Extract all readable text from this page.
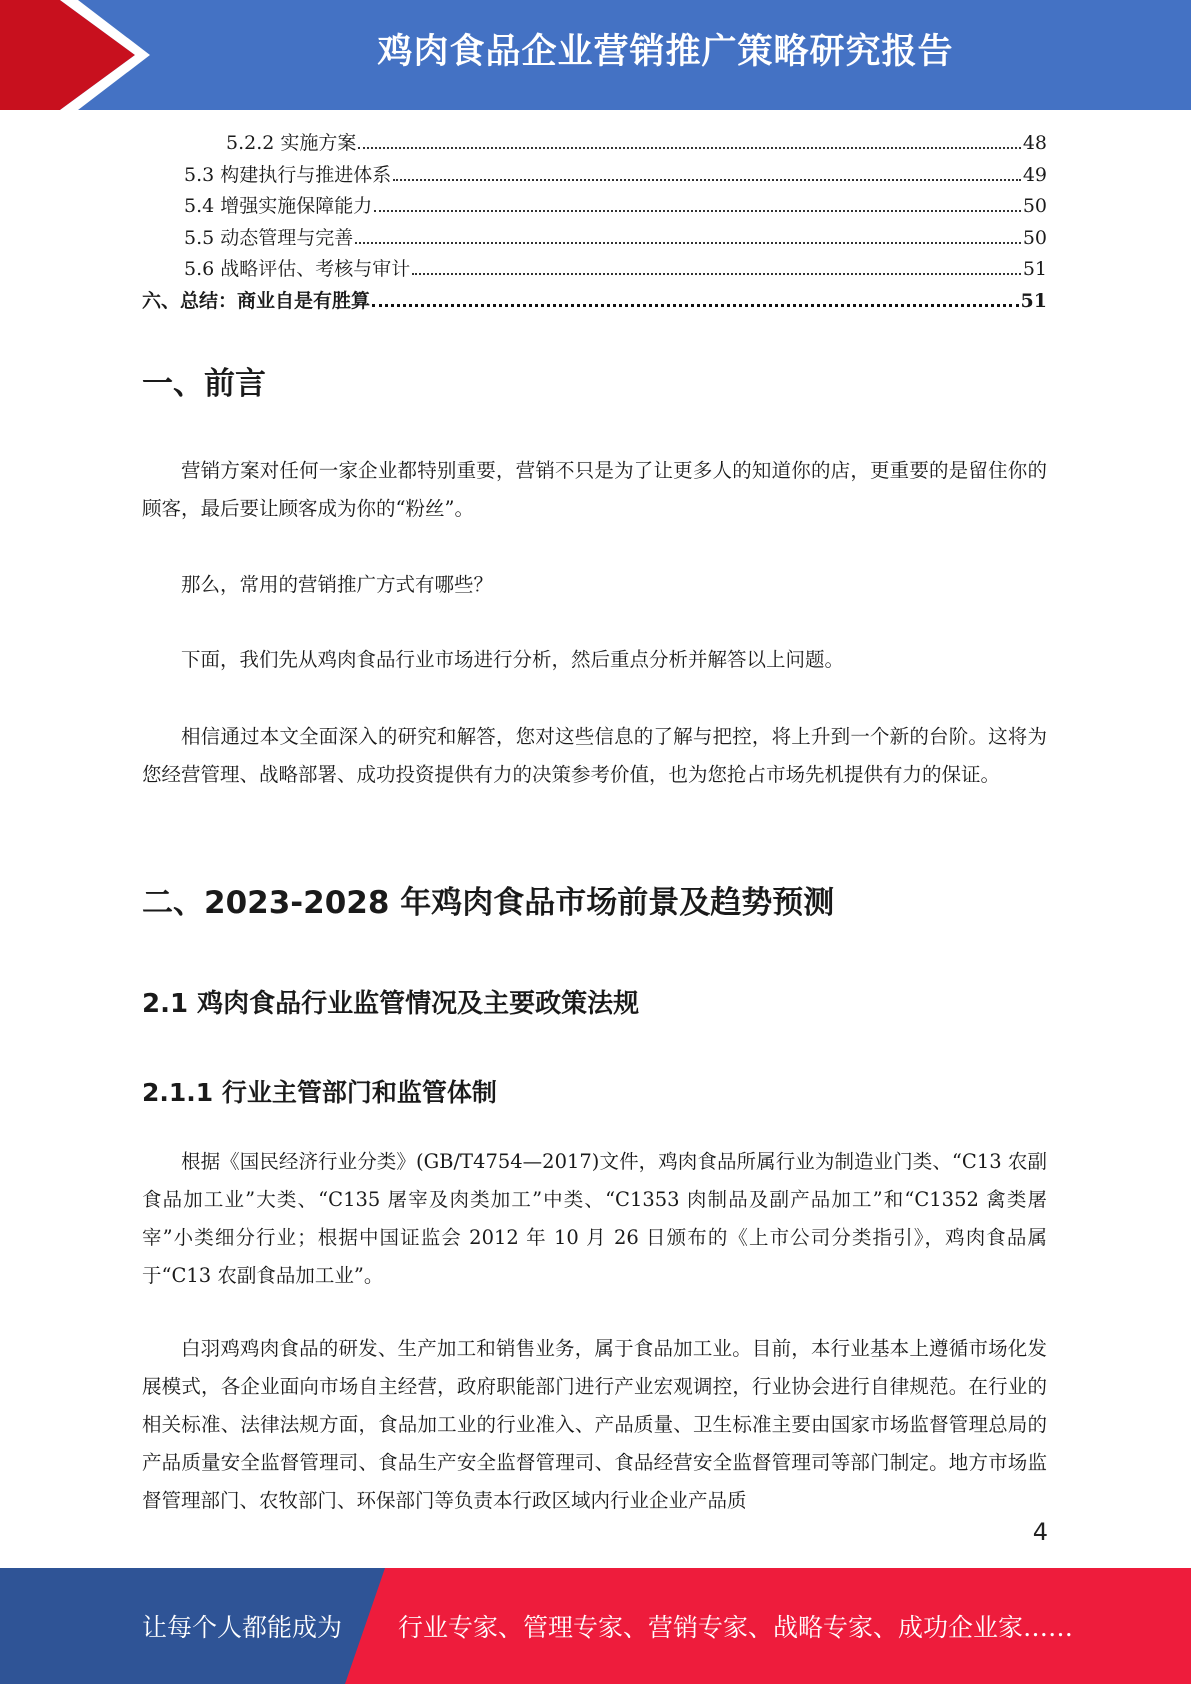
鸡肉食品企业营销推广策略研究报告
5.2.2 实施方案	48
5.3 构建执行与推进体系	49
5.4 增强实施保障能力	50
5.5 动态管理与完善	50
5.6 战略评估、考核与审计	51
六、总结：商业自是有胜算	51
一、前言

营销方案对任何一家企业都特别重要，营销不只是为了让更多人的知道你的店，更重要的是留住你的顾客，最后要让顾客成为你的“粉丝”。

那么，常用的营销推广方式有哪些？

下面，我们先从鸡肉食品行业市场进行分析，然后重点分析并解答以上问题。

相信通过本文全面深入的研究和解答，您对这些信息的了解与把控，将上升到一个新的台阶。这将为您经营管理、战略部署、成功投资提供有力的决策参考价值，也为您抢占市场先机提供有力的保证。

二、2023-2028 年鸡肉食品市场前景及趋势预测
2.1 鸡肉食品行业监管情况及主要政策法规
2.1.1 行业主管部门和监管体制

根据《国民经济行业分类》(GB/T4754—2017)文件，鸡肉食品所属行业为制造业门类、“C13 农副食品加工业”大类、“C135 屠宰及肉类加工”中类、“C1353 肉制品及副产品加工”和“C1352 禽类屠宰”小类细分行业；根据中国证监会 2012 年 10 月 26 日颁布的《上市公司分类指引》，鸡肉食品属于“C13 农副食品加工业”。

白羽鸡鸡肉食品的研发、生产加工和销售业务，属于食品加工业。目前，本行业基本上遵循市场化发展模式，各企业面向市场自主经营，政府职能部门进行产业宏观调控，行业协会进行自律规范。在行业的相关标准、法律法规方面，食品加工业的行业准入、产品质量、卫生标准主要由国家市场监督管理总局的产品质量安全监督管理司、食品生产安全监督管理司、食品经营安全监督管理司等部门制定。地方市场监督管理部门、农牧部门、环保部门等负责本行政区域内行业企业产品质

4
让每个人都能成为 行业专家、管理专家、营销专家、战略专家、成功企业家……
